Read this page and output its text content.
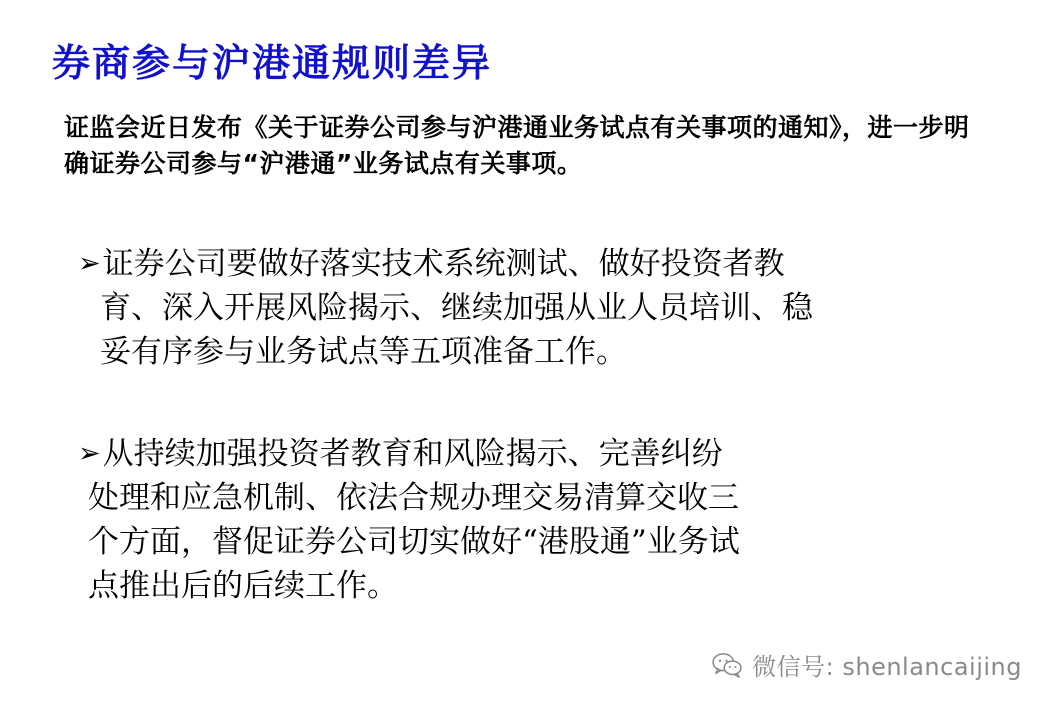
券商参与沪港通规则差异
证监会近日发布《关于证券公司参与沪港通业务试点有关事项的通知》，进一步明确证券公司参与“沪港通”业务试点有关事项。
➢证券公司要做好落实技术系统测试、做好投资者教
育、深入开展风险揭示、继续加强从业人员培训、稳
妥有序参与业务试点等五项准备工作。
➢从持续加强投资者教育和风险揭示、完善纠纷
处理和应急机制、依法合规办理交易清算交收三
个方面，督促证券公司切实做好“港股通”业务试
点推出后的后续工作。
微信号: shenlancaijing
